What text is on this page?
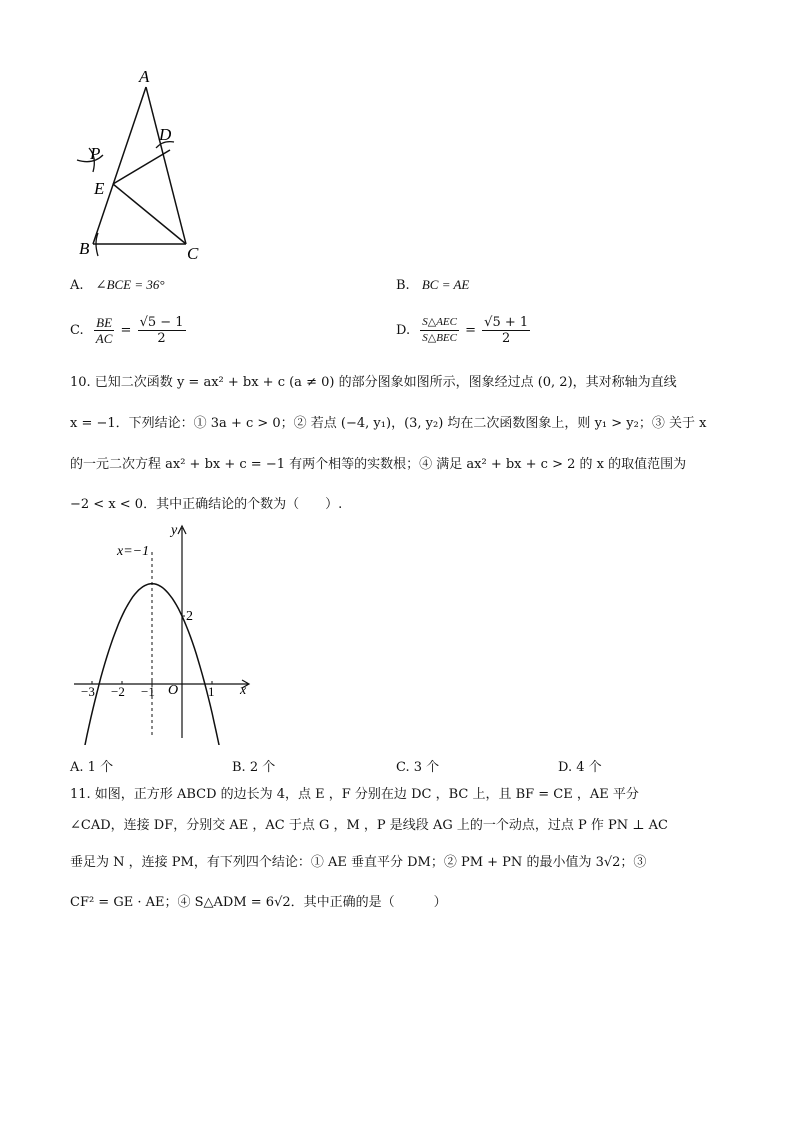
A
D
P
E
B	C
A. ∠BCE = 36°	B. BC = AE
C. $\frac{BE}{AC} = \frac{√5 - 1}{2}$	D. $\frac{\text{S△AEC}}{\text{S△BEC}} = \frac{√5 + 1}{2}$
10. 已知二次函数 y = ax² + bx + c (a ≠ 0) 的部分图象如图所示，图象经过点 (0, 2)，其对称轴为直线
x = −1．下列结论：① 3a + c > 0；② 若点 (−4, y₁)，(3, y₂) 均在二次函数图象上，则 y₁ > y₂；③ 关于 x
的一元二次方程 ax² + bx + c = −1 有两个相等的实数根；④ 满足 ax² + bx + c > 2 的 x 的取值范围为
−2 < x < 0．其中正确结论的个数为（　　）.
x=−1
y
x
O
2
−3 −2 −1	1
A. 1 个	B. 2 个	C. 3 个	D. 4 个
11. 如图，正方形 ABCD 的边长为 4，点 E ，F 分别在边 DC ，BC 上，且 BF = CE ，AE 平分
∠CAD，连接 DF，分别交 AE ，AC 于点 G ，M ，P 是线段 AG 上的一个动点，过点 P 作 PN ⊥ AC
垂足为 N ，连接 PM，有下列四个结论：① AE 垂直平分 DM；② PM + PN 的最小值为 3√2；③
CF² = GE · AE；④ S△ADM = 6√2．其中正确的是（　　　）
